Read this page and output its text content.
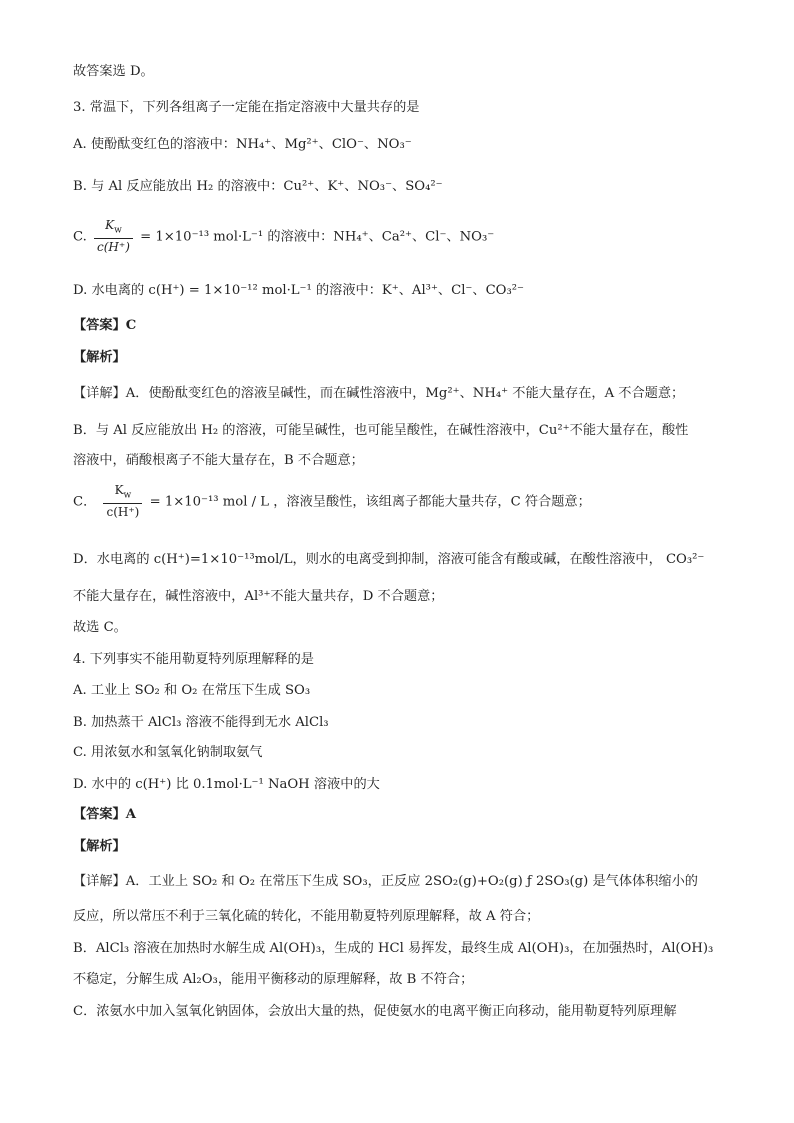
故答案选 D。
3. 常温下，下列各组离子一定能在指定溶液中大量共存的是
A. 使酚酞变红色的溶液中：NH₄⁺、Mg²⁺、ClO⁻、NO₃⁻
B. 与 Al 反应能放出 H₂ 的溶液中：Cu²⁺、K⁺、NO₃⁻、SO₄²⁻
C. $\frac{K_w}{c(H^+)} = 1\times 10^{-13}$ mol·L⁻¹ 的溶液中：NH₄⁺、Ca²⁺、Cl⁻、NO₃⁻
D. 水电离的 c(H⁺) = 1×10⁻¹² mol·L⁻¹ 的溶液中：K⁺、Al³⁺、Cl⁻、CO₃²⁻
【答案】C
【解析】
【详解】A．使酚酞变红色的溶液呈碱性，而在碱性溶液中，Mg²⁺、NH₄⁺ 不能大量存在，A 不合题意；
B．与 Al 反应能放出 H₂ 的溶液，可能呈碱性，也可能呈酸性，在碱性溶液中，Cu²⁺不能大量存在，酸性
溶液中，硝酸根离子不能大量存在，B 不合题意；
C． $\frac{K_w}{c(H^+)} = 1\times 10^{-13}$ mol / L ，溶液呈酸性，该组离子都能大量共存，C 符合题意；
D．水电离的 c(H⁺)=1×10⁻¹³mol/L，则水的电离受到抑制，溶液可能含有酸或碱，在酸性溶液中， CO₃²⁻
不能大量存在，碱性溶液中，Al³⁺不能大量共存，D 不合题意；
故选 C。
4. 下列事实不能用勒夏特列原理解释的是
A. 工业上 SO₂ 和 O₂ 在常压下生成 SO₃
B. 加热蒸干 AlCl₃ 溶液不能得到无水 AlCl₃
C. 用浓氨水和氢氧化钠制取氨气
D. 水中的 c(H⁺) 比 0.1mol·L⁻¹ NaOH 溶液中的大
【答案】A
【解析】
【详解】A．工业上 SO₂ 和 O₂ 在常压下生成 SO₃，正反应 2SO₂(g)+O₂(g) ƒ 2SO₃(g) 是气体体积缩小的
反应，所以常压不利于三氧化硫的转化，不能用勒夏特列原理解释，故 A 符合；
B．AlCl₃ 溶液在加热时水解生成 Al(OH)₃，生成的 HCl 易挥发，最终生成 Al(OH)₃，在加强热时，Al(OH)₃
不稳定，分解生成 Al₂O₃，能用平衡移动的原理解释，故 B 不符合；
C．浓氨水中加入氢氧化钠固体，会放出大量的热，促使氨水的电离平衡正向移动，能用勒夏特列原理解
